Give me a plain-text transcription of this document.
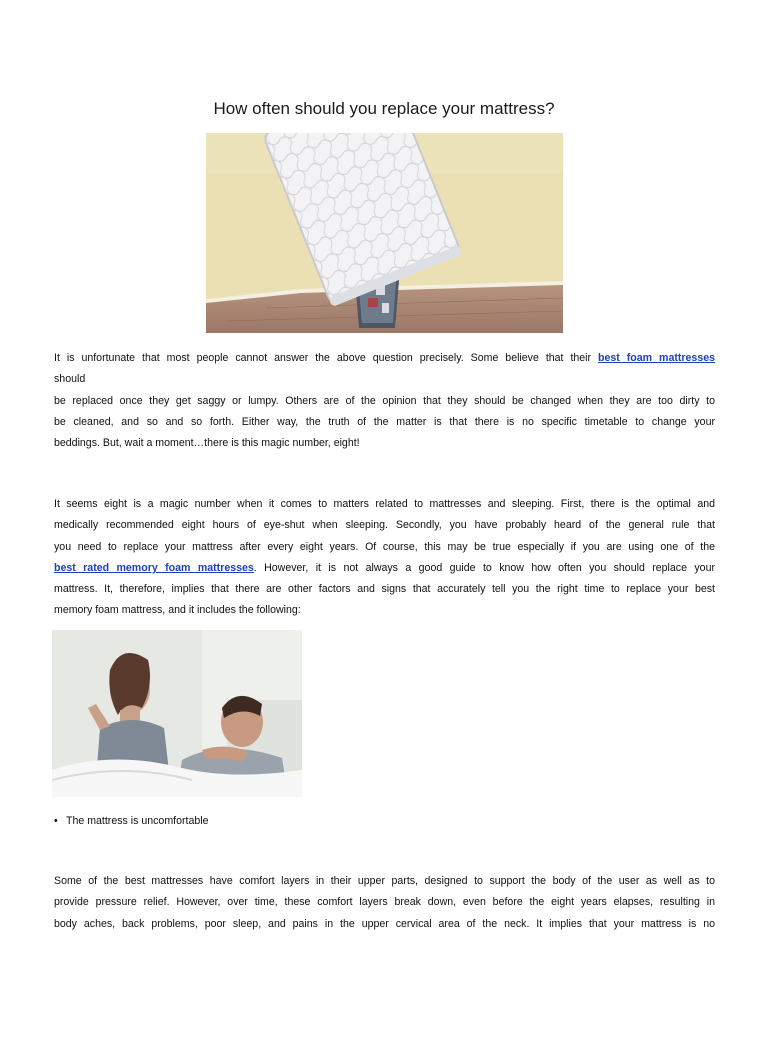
How often should you replace your mattress?
It is unfortunate that most people cannot answer the above question precisely. Some believe that their best foam mattresses
should
be replaced once they get saggy or lumpy. Others are of the opinion that they should be changed when they are too dirty to
be cleaned, and so and so forth. Either way, the truth of the matter is that there is no specific timetable to change your
beddings. But, wait a moment…there is this magic number, eight!
It seems eight is a magic number when it comes to matters related to mattresses and sleeping. First, there is the optimal and
medically recommended eight hours of eye-shut when sleeping. Secondly, you have probably heard of the general rule that
you need to replace your mattress after every eight years. Of course, this may be true especially if you are using one of the
best rated memory foam mattresses. However, it is not always a good guide to know how often you should replace your
mattress. It, therefore, implies that there are other factors and signs that accurately tell you the right time to replace your best
memory foam mattress, and it includes the following:
• The mattress is uncomfortable
Some of the best mattresses have comfort layers in their upper parts, designed to support the body of the user as well as to
provide pressure relief. However, over time, these comfort layers break down, even before the eight years elapses, resulting in
body aches, back problems, poor sleep, and pains in the upper cervical area of the neck. It implies that your mattress is no
